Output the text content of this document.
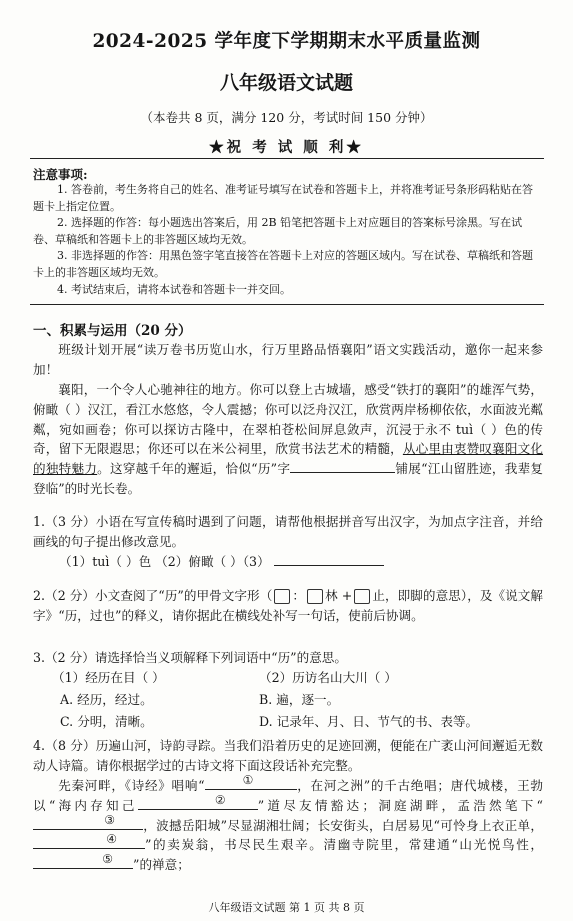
2024-2025 学年度下学期期末水平质量监测
八年级语文试题
（本卷共 8 页，满分 120 分，考试时间 150 分钟）
★祝 考 试 顺 利★
注意事项:
1. 答卷前，考生务将自己的姓名、准考证号填写在试卷和答题卡上，并将准考证号条形码粘贴在答题卡上指定位置。
2. 选择题的作答：每小题选出答案后，用 2B 铅笔把答题卡上对应题目的答案标号涂黑。写在试卷、草稿纸和答题卡上的非答题区域均无效。
3. 非选择题的作答：用黑色签字笔直接答在答题卡上对应的答题区域内。写在试卷、草稿纸和答题卡上的非答题区域均无效。
4. 考试结束后，请将本试卷和答题卡一并交回。
一、积累与运用（20 分）
班级计划开展“读万卷书历览山水，行万里路品悟襄阳”语文实践活动，邀你一起来参加！
襄阳，一个令人心驰神往的地方。你可以登上古城墙，感受“铁打的襄阳”的雄浑气势，俯瞰（ ）汉江，看江水悠悠，令人震撼；你可以泛舟汉江，欣赏两岸杨柳依依，水面波光粼粼，宛如画卷；你可以探访古隆中，在翠柏苍松间屏息敛声，沉浸于永不 tuì（ ）色的传奇，留下无限遐思；你还可以在米公祠里，欣赏书法艺术的精髓，从心里由衷赞叹襄阳文化的独特魅力。这穿越千年的邂逅，恰似“历”字	铺展“江山留胜迹，我辈复登临”的时光长卷。
1.（3 分）小语在写宣传稿时遇到了问题，请帮他根据拼音写出汉字，为加点字注音，并给画线的句子提出修改意见。
（1）tuì（ ）色 （2）俯瞰（ ）（3）
2.（2 分）小文查阅了“历”的甲骨文字形（ ： 林 + 止，即脚的意思），及《说文解字》“历，过也”的释义，请你据此在横线处补写一句话，使前后协调。
3.（2 分）请选择恰当义项解释下列词语中“历”的意思。
（1）经历在目（ ）	（2）历访名山大川（ ）
A. 经历，经过。	B. 遍，逐一。
C. 分明，清晰。	D. 记录年、月、日、节气的书、表等。
4.（8 分）历遍山河，诗韵寻踪。当我们沿着历史的足迹回溯，便能在广袤山河间邂逅无数动人诗篇。请你根据学过的古诗文将下面这段话补充完整。
先秦河畔，《诗经》唱响“	①	，在河之洲”的千古绝唱；唐代城楼，王勃以“海内存知己	②	”道尽友情豁达；洞庭湖畔，孟浩然笔下“
③ ，波撼岳阳城”尽显湖湘壮阔；长安街头，白居易见“可怜身上衣正单，
④ ”的卖炭翁，书尽民生艰辛。清幽寺院里，常建通“山光悦鸟性，
⑤ ”的禅意；
八年级语文试题 第 1 页 共 8 页
